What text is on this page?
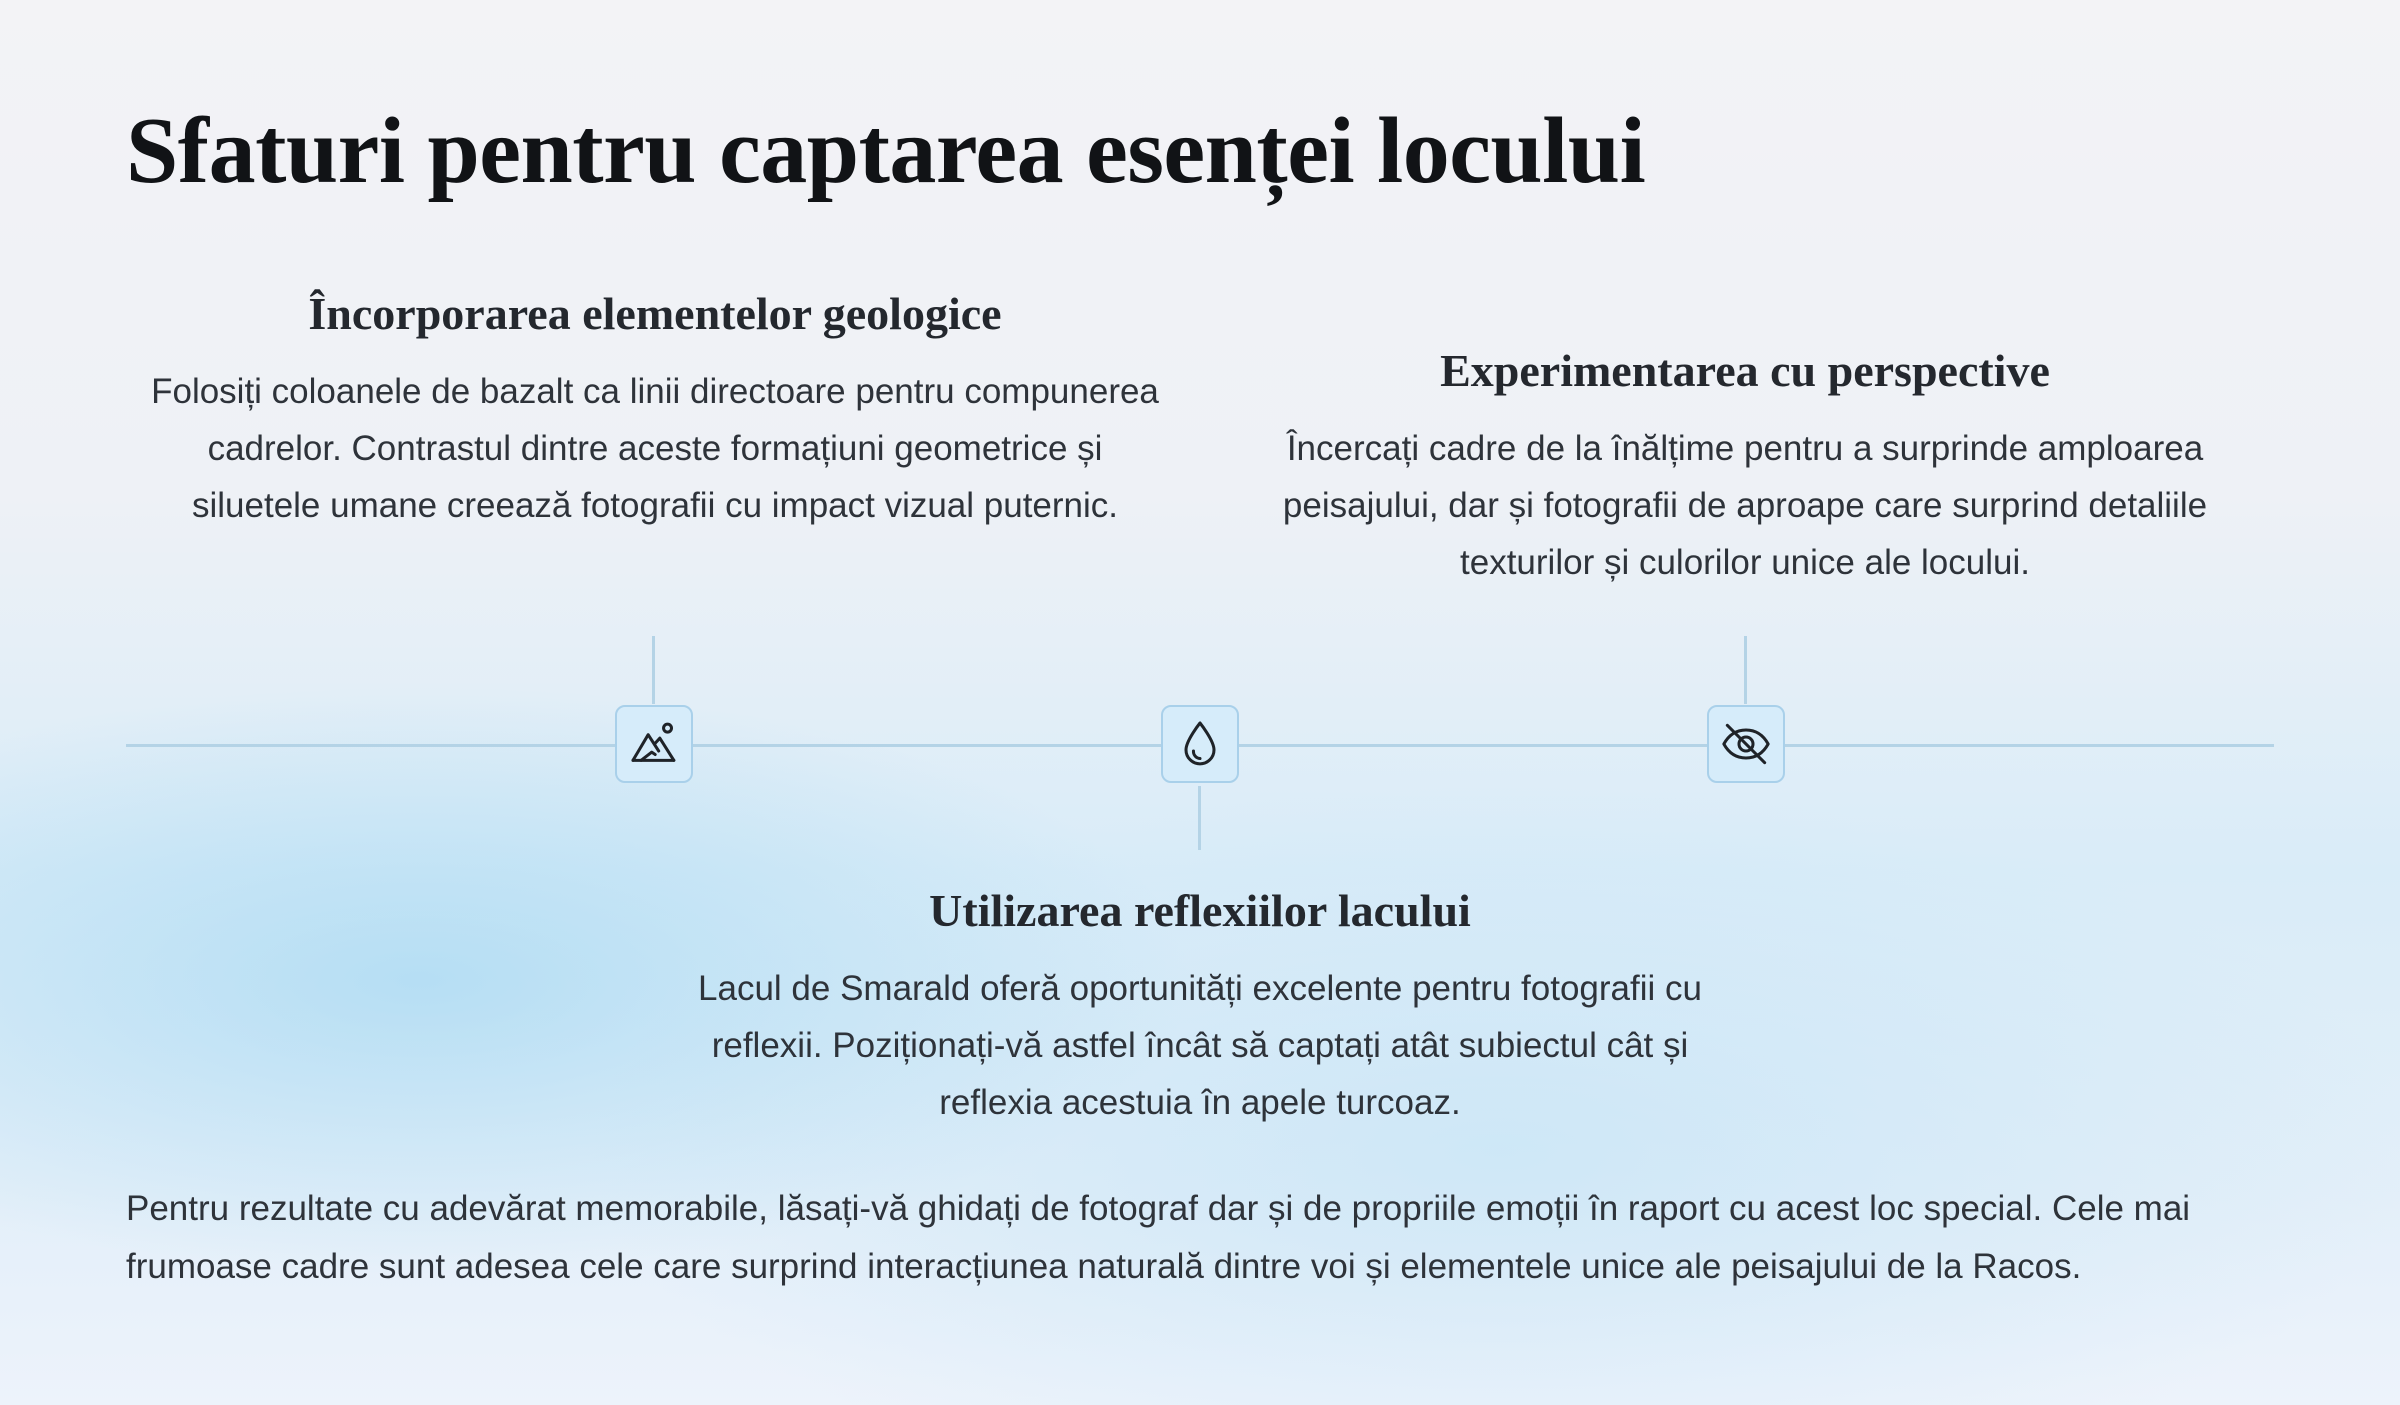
Sfaturi pentru captarea esenței locului
Încorporarea elementelor geologice

Folosiți coloanele de bazalt ca linii directoare pentru compunerea cadrelor. Contrastul dintre aceste formațiuni geometrice și siluetele umane creează fotografii cu impact vizual puternic.

Experimentarea cu perspective

Încercați cadre de la înălțime pentru a surprinde amploarea peisajului, dar și fotografii de aproape care surprind detaliile texturilor și culorilor unice ale locului.

Utilizarea reflexiilor lacului

Lacul de Smarald oferă oportunități excelente pentru fotografii cu reflexii. Poziționați-vă astfel încât să captați atât subiectul cât și reflexia acestuia în apele turcoaz.

Pentru rezultate cu adevărat memorabile, lăsați-vă ghidați de fotograf dar și de propriile emoții în raport cu acest loc special. Cele mai frumoase cadre sunt adesea cele care surprind interacțiunea naturală dintre voi și elementele unice ale peisajului de la Racos.
